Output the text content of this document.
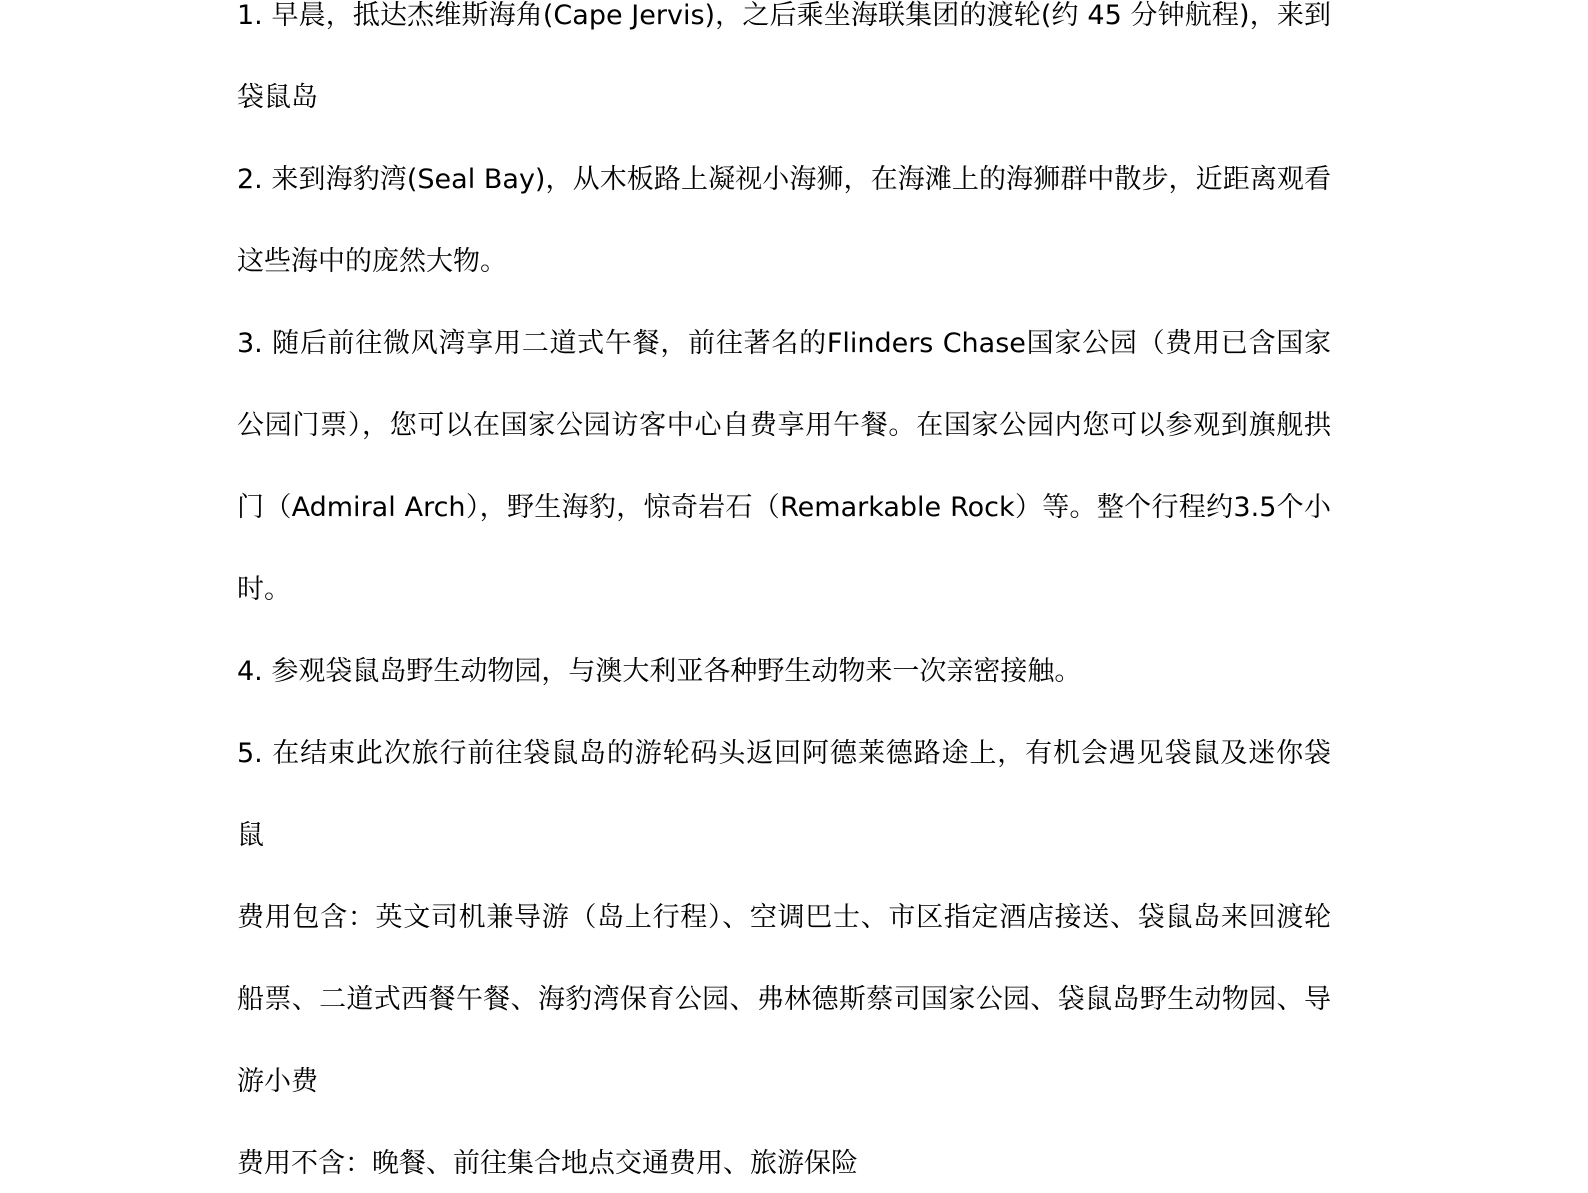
1. 早晨，抵达杰维斯海角(Cape Jervis)，之后乘坐海联集团的渡轮(约 45 分钟航程)，来到

袋鼠岛

2. 来到海豹湾(Seal Bay)，从木板路上凝视小海狮，在海滩上的海狮群中散步，近距离观看

这些海中的庞然大物。

3. 随后前往微风湾享用二道式午餐，前往著名的Flinders Chase国家公园（费用已含国家

公园门票），您可以在国家公园访客中心自费享用午餐。在国家公园内您可以参观到旗舰拱

门（Admiral Arch），野生海豹，惊奇岩石（Remarkable Rock）等。整个行程约3.5个小

时。

4. 参观袋鼠岛野生动物园，与澳大利亚各种野生动物来一次亲密接触。

5. 在结束此次旅行前往袋鼠岛的游轮码头返回阿德莱德路途上，有机会遇见袋鼠及迷你袋

鼠

费用包含：英文司机兼导游（岛上行程）、空调巴士、市区指定酒店接送、袋鼠岛来回渡轮

船票、二道式西餐午餐、海豹湾保育公园、弗林德斯蔡司国家公园、袋鼠岛野生动物园、导

游小费

费用不含：晚餐、前往集合地点交通费用、旅游保险
